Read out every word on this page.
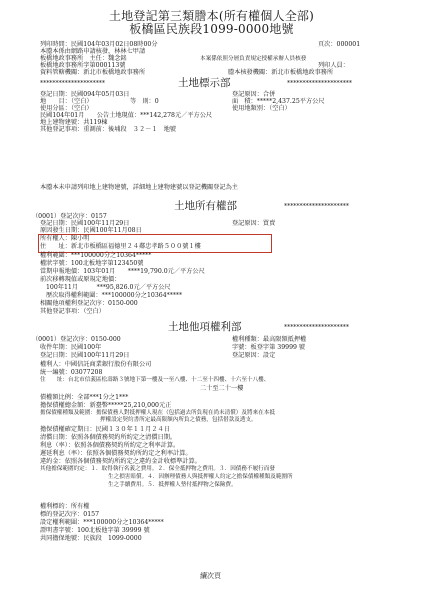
土地登記第三類謄本(所有權個人全部)
板橋區民族段1099-0000地號
列印時間：民國104年03月02日08時00分	頁次：000001
本謄本係由網路申請核發，林林七甲請
板橋地政事務所　主任：魏念銘	本案係依照分層負責規定授權承辦人員核發
板橋地政事務所字第000113號	列印人員：
資料管轄機關：新北市板橋地政事務所	謄本核發機關：新北市板橋地政事務所
*********************	土地標示部	*********************
登記日期：民國094年05月03日	登記原因：合併
地　　目：（空白）	等　則：0	面　積：*****2,437.25平方公尺
使用分區：（空白）	使用地類別：（空白）
民國104年01月　　公告土地現值：***142,278元／平方公尺
地上建物建號：共119棟
其他登記事項：重測前：後埔段　３２－１　地號
本謄本未申請列印地上建物建號，詳細地上建物建號以登記機關登記為主
土地所有權部	*********************
（0001）登記次序：0157
登記日期：民國100年11月29日	登記原因：買賣
原因發生日期：民國100年11月08日
所有權人：陳小明
住　　址：新北市板橋區福德里２４鄰忠孝路５００號１樓
權利範圍：***100000分之10364*****
權狀字號：100北板地字第123450號
當期申報地價：103年01月　　****19,790.0元／平方公尺
前次移轉現值或原規定地價：
100年11月　　　***95,826.0元／平方公尺
歷次取得權利範圍：***100000分之10364*****
相關他項權利登記次序：0150-000
其他登記事項：（空白）
土地他項權利部	*********************
（0001）登記次序：0150-000	權利種類：最高限額抵押權
收件年期：民國100年	字號：板登字第 39999 號
登記日期：民國100年11月29日	登記原因：設定
權利人：中國信託商業銀行股份有限公司
統一編號：03077208
住　　址：台北市信義區松壽路３號地下第一樓及一至八樓、十二至十四樓、十六至十八樓、
二十至二十一樓
債權額比例：全部***1分之1***
擔保債權總金額：新臺幣*****25,210,000元正
擔保債權種類及範圍：擔保債務人對抵押權人現在（包括過去所負現在尚未清償）及將來在本抵
押權設定契約書所定最高限額內所負之債務，包括借款及透支。
擔保債權確定期日：民國１３０年１１月２４日
清償日期：依照各個債務契約所約定之清償日期。
利息（率）：依照各個債務契約所約定之利率計算。
遲延利息（率）：依照各個債務契約所約定之利率計算。
違約金：依照各個債務契約所約定之違約金計收標準計算。
其他擔保範圍約定：１．取得執行名義之費用。２．保全抵押物之費用。３．因債務不履行而發
生之損害賠償。４．因辦理債務人與抵押權人約定之擔保債權種類及範圍所
生之手續費用。５．抵押權人墊付抵押物之保險費。
權利標的：所有權
標的登記次序：0157
設定權利範圍：***100000分之10364*****
證明書字號：100北板他字第 39999 號
共同擔保地號：民族段　1099-0000
續次頁
